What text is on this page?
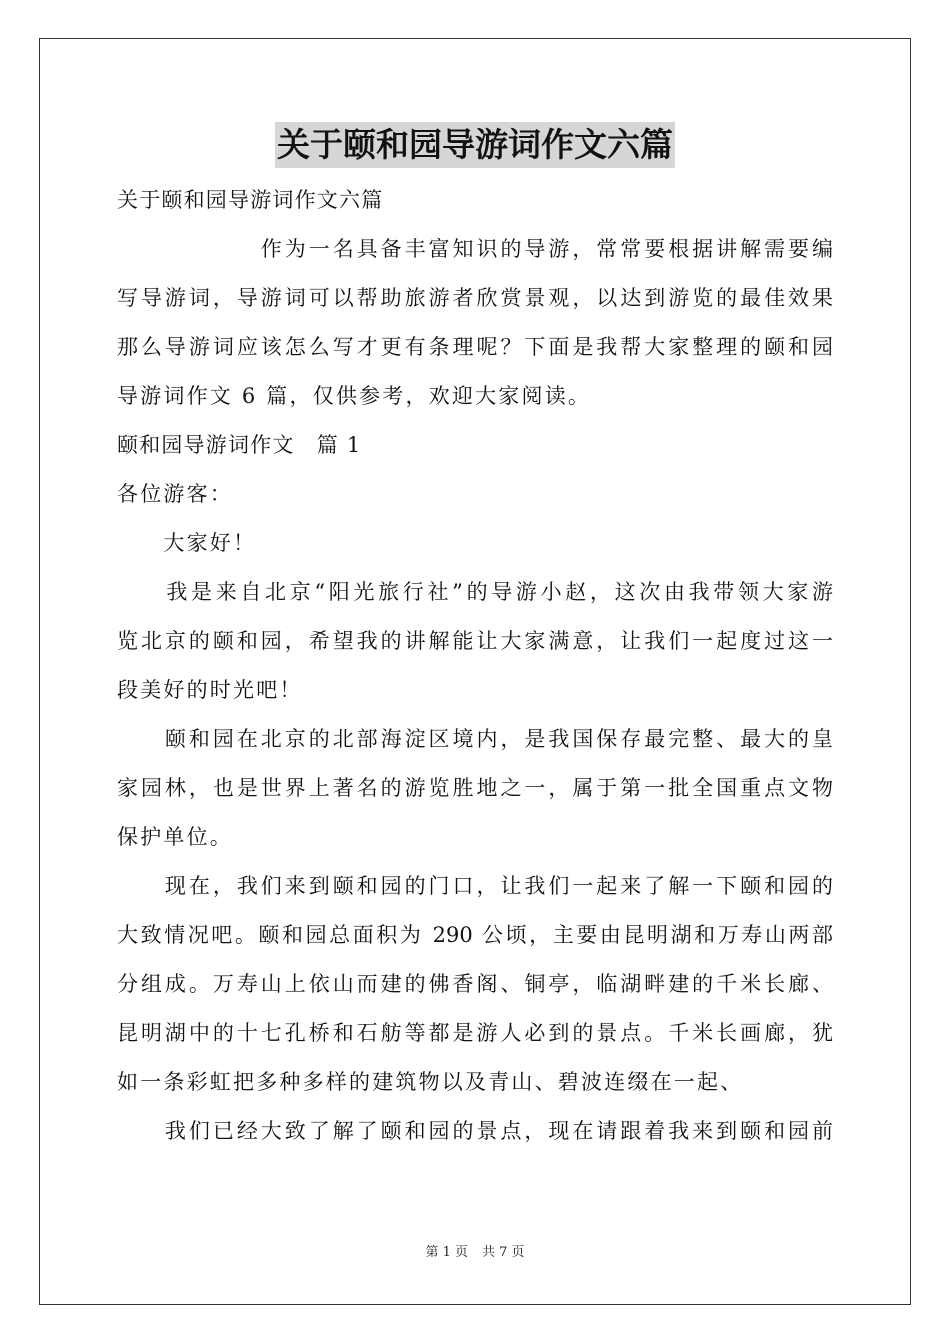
关于颐和园导游词作文六篇
关于颐和园导游词作文六篇
　　　　　　作为一名具备丰富知识的导游，常常要根据讲解需要编
写导游词，导游词可以帮助旅游者欣赏景观，以达到游览的最佳效果
那么导游词应该怎么写才更有条理呢？下面是我帮大家整理的颐和园
导游词作文 6 篇，仅供参考，欢迎大家阅读。
颐和园导游词作文　篇 1
各位游客：
　　大家好！
　　我是来自北京“阳光旅行社”的导游小赵，这次由我带领大家游
览北京的颐和园，希望我的讲解能让大家满意，让我们一起度过这一
段美好的时光吧！
　　颐和园在北京的北部海淀区境内，是我国保存最完整、最大的皇
家园林，也是世界上著名的游览胜地之一，属于第一批全国重点文物
保护单位。
　　现在，我们来到颐和园的门口，让我们一起来了解一下颐和园的
大致情况吧。颐和园总面积为 290 公顷，主要由昆明湖和万寿山两部
分组成。万寿山上依山而建的佛香阁、铜亭，临湖畔建的千米长廊、
昆明湖中的十七孔桥和石舫等都是游人必到的景点。千米长画廊，犹
如一条彩虹把多种多样的建筑物以及青山、碧波连缀在一起、
　　我们已经大致了解了颐和园的景点，现在请跟着我来到颐和园前
第 1 页 共 7 页
